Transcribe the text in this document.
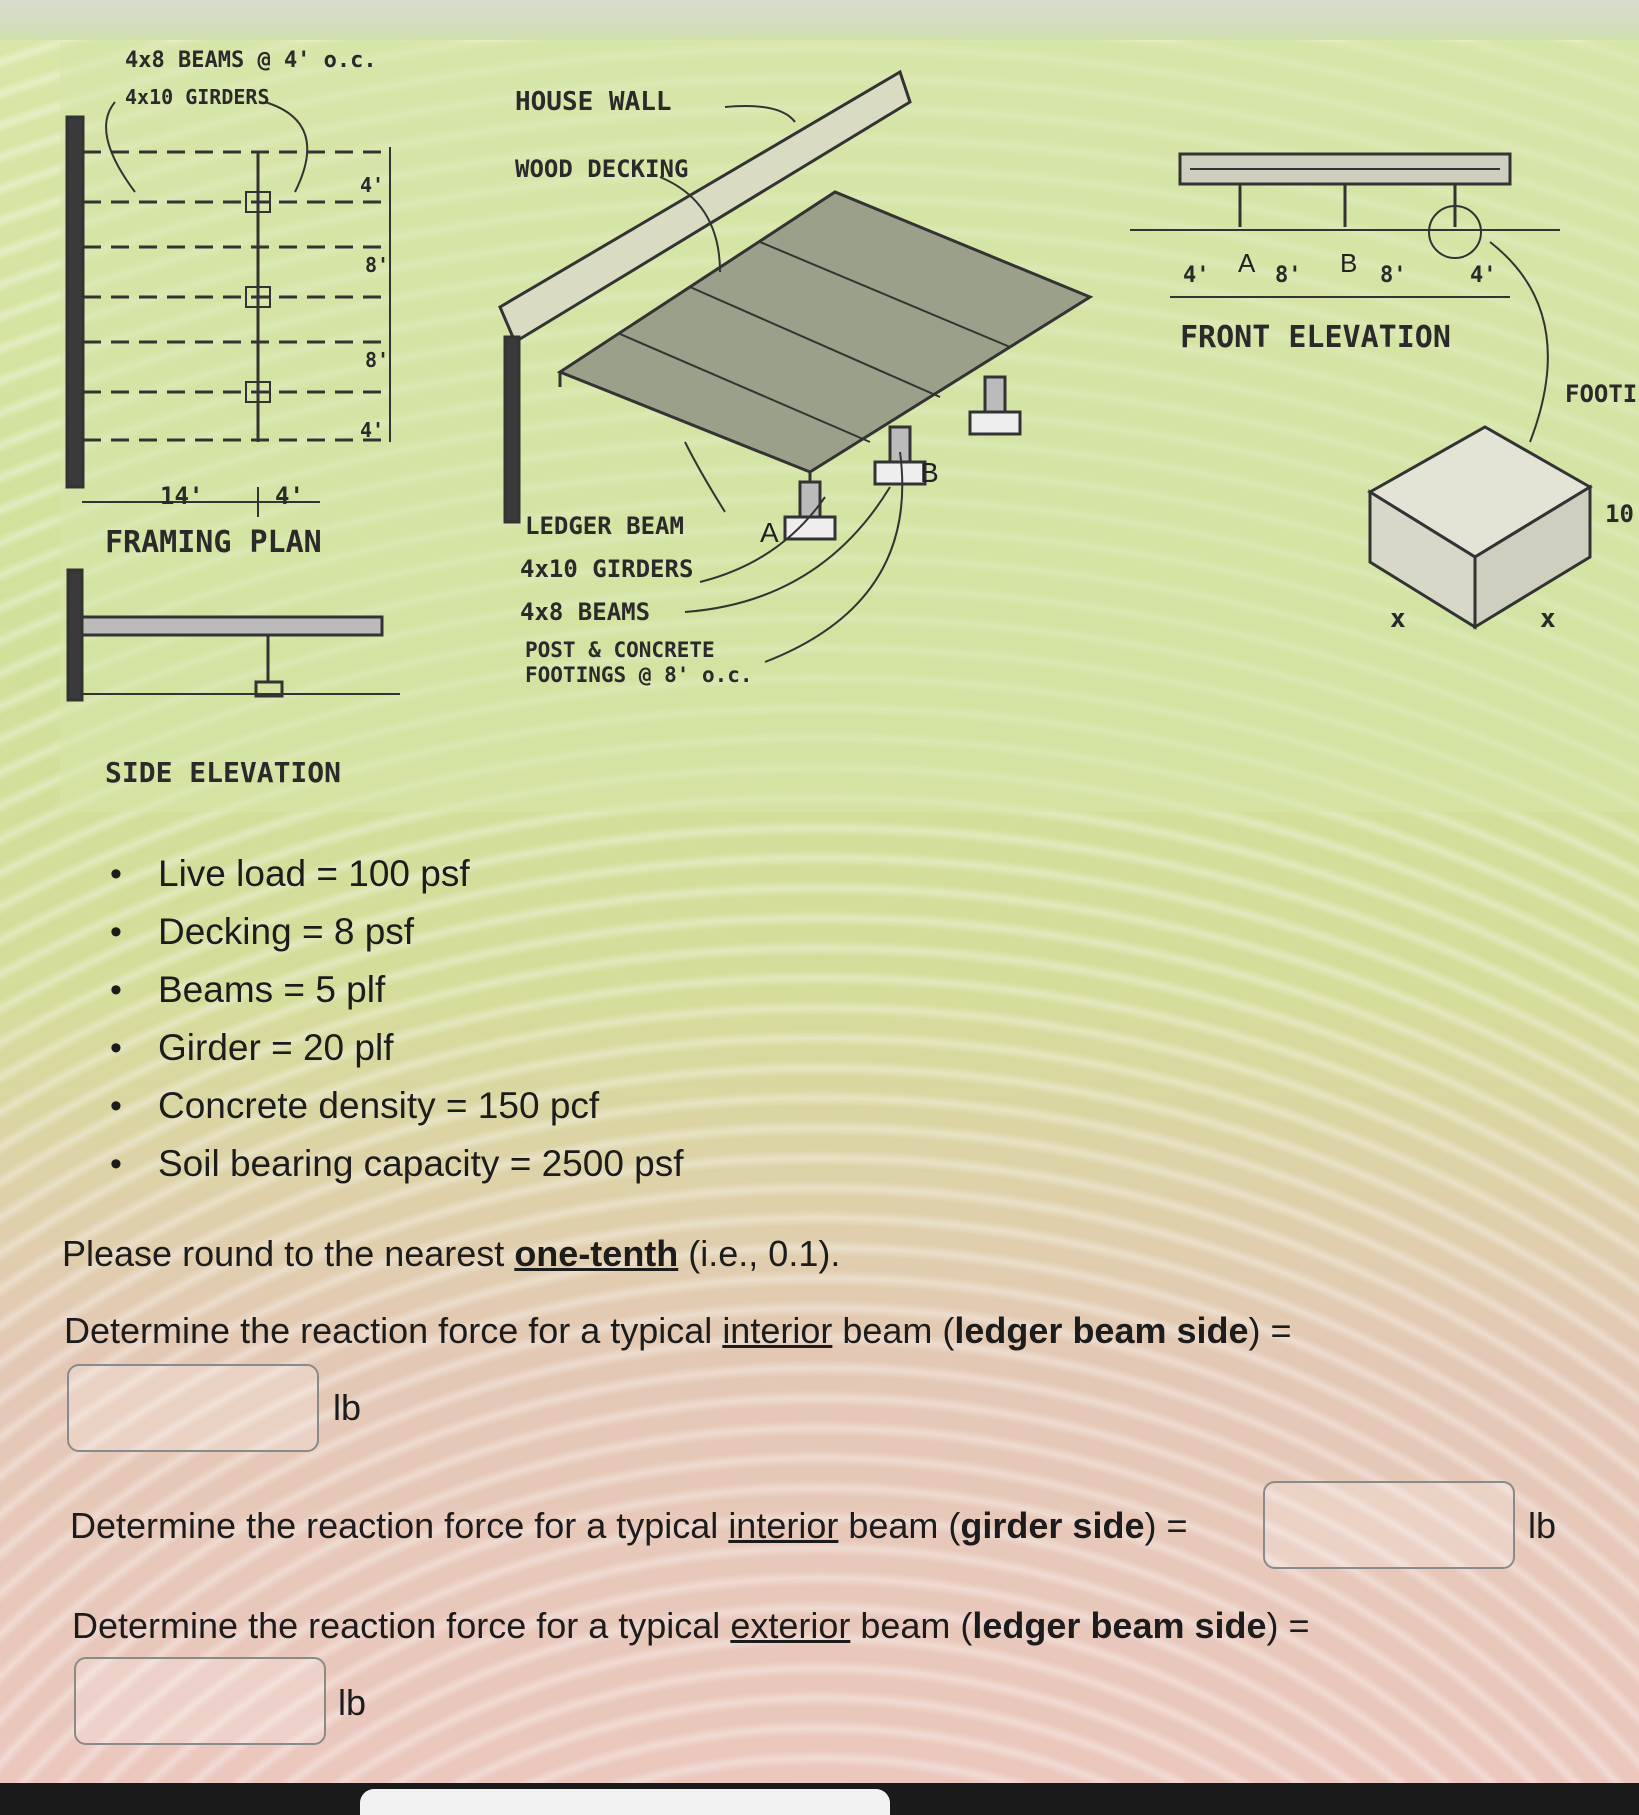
4x8 BEAMS @ 4' o.c.
4x10 GIRDERS
14'	4'
4'
8'
8'
4'
FRAMING PLAN
SIDE ELEVATION
HOUSE WALL
WOOD DECKING
LEDGER BEAM
4x10 GIRDERS
4x8 BEAMS
POST & CONCRETE
FOOTINGS @ 8' o.c.
A
B
4' A 8' B 8'	4'
FRONT ELEVATION
FOOTI
10
x	x
• Live load = 100 psf
• Decking = 8 psf
• Beams = 5 plf
• Girder = 20 plf
• Concrete density = 150 pcf
• Soil bearing capacity = 2500 psf
Please round to the nearest one-tenth (i.e., 0.1).
Determine the reaction force for a typical interior beam (ledger beam side) =
lb
Determine the reaction force for a typical interior beam (girder side) =	lb
Determine the reaction force for a typical exterior beam (ledger beam side) =
lb
